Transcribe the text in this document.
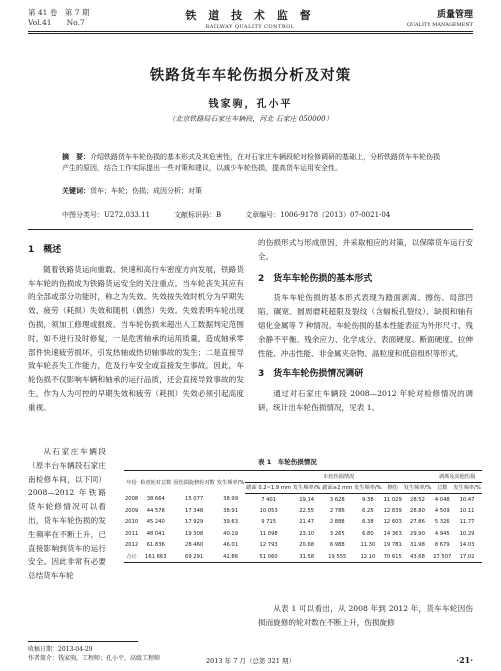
第 41 卷　第 7 期
Vol.41　　No.7
铁 道 技 术 监 督
RAILWAY QUALITY CONTROL
质量管理
QUALITY MANAGEMENT
铁路货车车轮伤损分析及对策
钱家驹，孔小平
（北京铁路局石家庄车辆段，河北 石家庄 050000）
摘　要：介绍铁路货车车轮伤损的基本形式及其危害性，在对石家庄车辆段轮对检修调研的基础上，分析铁路货车车轮伤损产生的原因，结合工作实际提出一些对策和建议，以减少车轮伤损，提高货车运用安全性。
关键词：货车；车轮；伤损；成因分析；对策
中图分类号：U272.033.11	文献标识码：B	文章编号：1006-9178（2013）07-0021-04
1　概述

随着铁路货运向重载、快速和高行车密度方向发展，铁路货车车轮的伤损成为铁路货运安全的关注重点。当车轮丧失其应有的全部或部分功能时，称之为失效。失效按失效时机分为早期失效、疲劳（耗损）失效和随机（偶然）失效。失效表明车轮出现伤损，须加工修理或报废。当车轮伤损未超出人工数据判定范围时，如不进行及时修复，一是危害轴承的运用质量，造成轴承零部件快速疲劳损坏，引发热轴或热切轴事故的发生；二是直接导致车轮丧失工作能力，危及行车安全或直接发生事故。因此，车轮伤损不仅影响车辆和轴承的运行品质，还会直接导致事故的发生，作为人为可控的早期失效和疲劳（耗损）失效必须引起高度重视。

从石家庄车辆段（原丰台车辆段石家庄南检修车间，以下同）2008—2012 年铁路货车轮修情况可以看出，货车车轮伤损的发生频率在不断上升，已直接影响到货车的运行安全。因此非常有必要总结货车车轮

的伤损形式与形成原因，并采取相应的对策，以保障货车运行安全。

2　货车车轮伤损的基本形式

货车车轮伤损的基本形式表现为踏面剥离、擦伤、局部凹陷、碾宽、圆周磨耗超限及裂纹（含辐板孔裂纹）、缺损和轴有熔化金属等 7 种情况。车轮伤损的基本性能表征为外形尺寸、残余静不平衡、残余应力、化学成分、表面硬度、断面硬度、拉伸性能、冲击性能、非金属夹杂物、晶粒度和低倍组织等形式。

3　货车车轮伤损情况调研

通过对石家庄车辆段 2008—2012 年轮对检修情况的调研，统计出车轮伤损情况，见表 1。

表 1　车轮伤损情况
年份	检查轮对总数	因伤损旋修轮对数	发生频率/%	车轮伤损情况						剥离及其他伤损	
				踏面 0.2~1.9 mm	发生频率/%	踏面≥2 mm	发生频率/%	擦伤	发生频率/%	总数	发生频率/%
2008	38 664	15 077	38.99	7 401	19.14	3 628	9.38	11 029	28.52	4 048	10.47
2009	44 578	17 348	38.91	10 053	22.55	2 786	6.25	12 839	28.80	4 509	10.11
2010	45 240	17 929	39.63	9 715	21.47	2 888	6.38	12 603	27.86	5 326	11.77
2011	48 041	19 308	40.19	11 098	23.10	3 265	6.80	14 363	29.90	4 945	10.29
2012	61 836	28 460	46.01	12 793	20.68	6 988	11.30	19 781	31.98	8 679	14.03
合计	161 663	69 291	42.86	51 060	31.58	19 555	12.10	70 615	43.68	27 507	17.02

从表 1 可以看出，从 2008 年到 2012 年，货车车轮因伤损而旋修的轮对数在不断上升，伤损旋修

收稿日期：2013-04-29
作者简介：钱家驹，工程师；孔小平，高级工程师	2013 年 7 月（总第 321 期）	·21·
